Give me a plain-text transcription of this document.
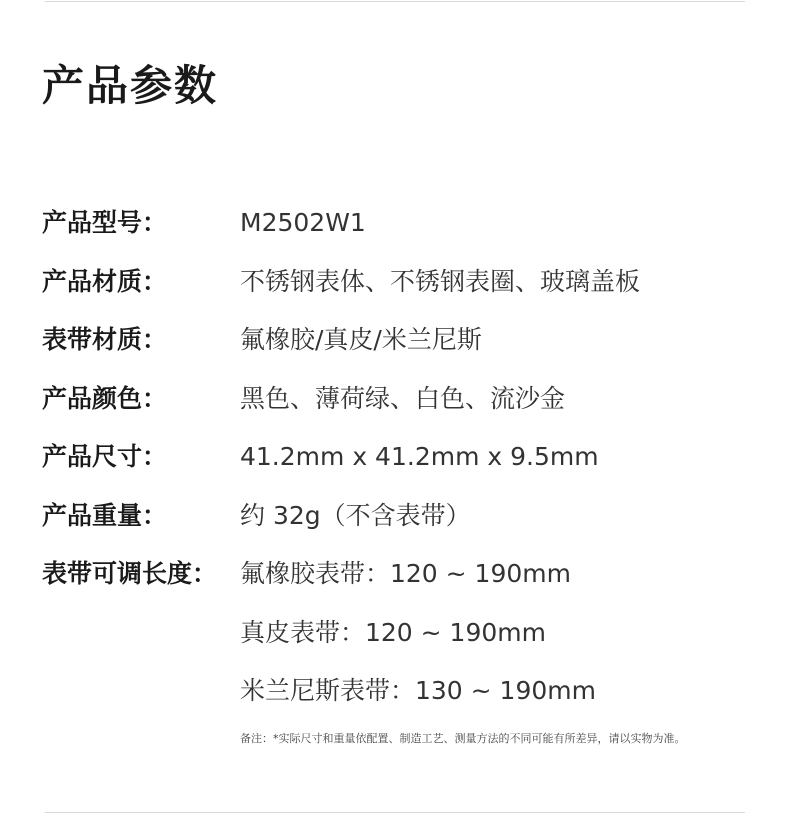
产品参数
产品型号：	M2502W1
产品材质：	不锈钢表体、不锈钢表圈、玻璃盖板
表带材质：	氟橡胶/真皮/米兰尼斯
产品颜色：	黑色、薄荷绿、白色、流沙金
产品尺寸：	41.2mm x 41.2mm x 9.5mm
产品重量：	约 32g（不含表带）
表带可调长度： 氟橡胶表带：120 ~ 190mm
真皮表带：120 ~ 190mm
米兰尼斯表带：130 ~ 190mm
备注：*实际尺寸和重量依配置、制造工艺、测量方法的不同可能有所差异，请以实物为准。
